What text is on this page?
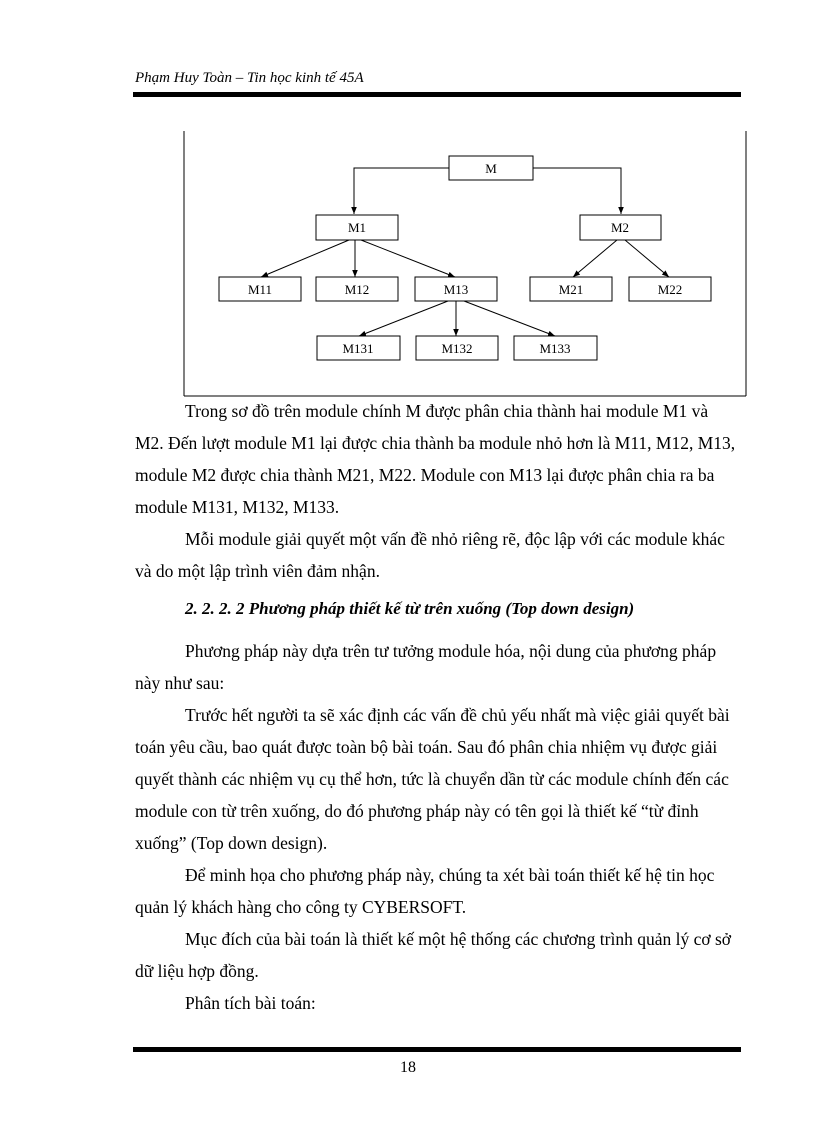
Phạm Huy Toàn – Tin học kinh tế 45A
M
M1	M2
M11	M12	M13	M21	M22
M131	M132	M133

Trong sơ đồ trên module chính M được phân chia thành hai module M1 và M2. Đến lượt module M1 lại được chia thành ba module nhỏ hơn là M11, M12, M13, module M2 được chia thành M21, M22. Module con M13 lại được phân chia ra ba module M131, M132, M133.

Mỗi module giải quyết một vấn đề nhỏ riêng rẽ, độc lập với các module khác và do một lập trình viên đảm nhận.

2. 2. 2. 2 Phương pháp thiết kế từ trên xuống (Top down design)

Phương pháp này dựa trên tư tưởng module hóa, nội dung của phương pháp này như sau:

Trước hết người ta sẽ xác định các vấn đề chủ yếu nhất mà việc giải quyết bài toán yêu cầu, bao quát được toàn bộ bài toán. Sau đó phân chia nhiệm vụ được giải quyết thành các nhiệm vụ cụ thể hơn, tức là chuyển dần từ các module chính đến các module con từ trên xuống, do đó phương pháp này có tên gọi là thiết kế “từ đỉnh xuống” (Top down design).

Để minh họa cho phương pháp này, chúng ta xét bài toán thiết kế hệ tin học quản lý khách hàng cho công ty CYBERSOFT.

Mục đích của bài toán là thiết kế một hệ thống các chương trình quản lý cơ sở dữ liệu hợp đồng.

Phân tích bài toán:

18
